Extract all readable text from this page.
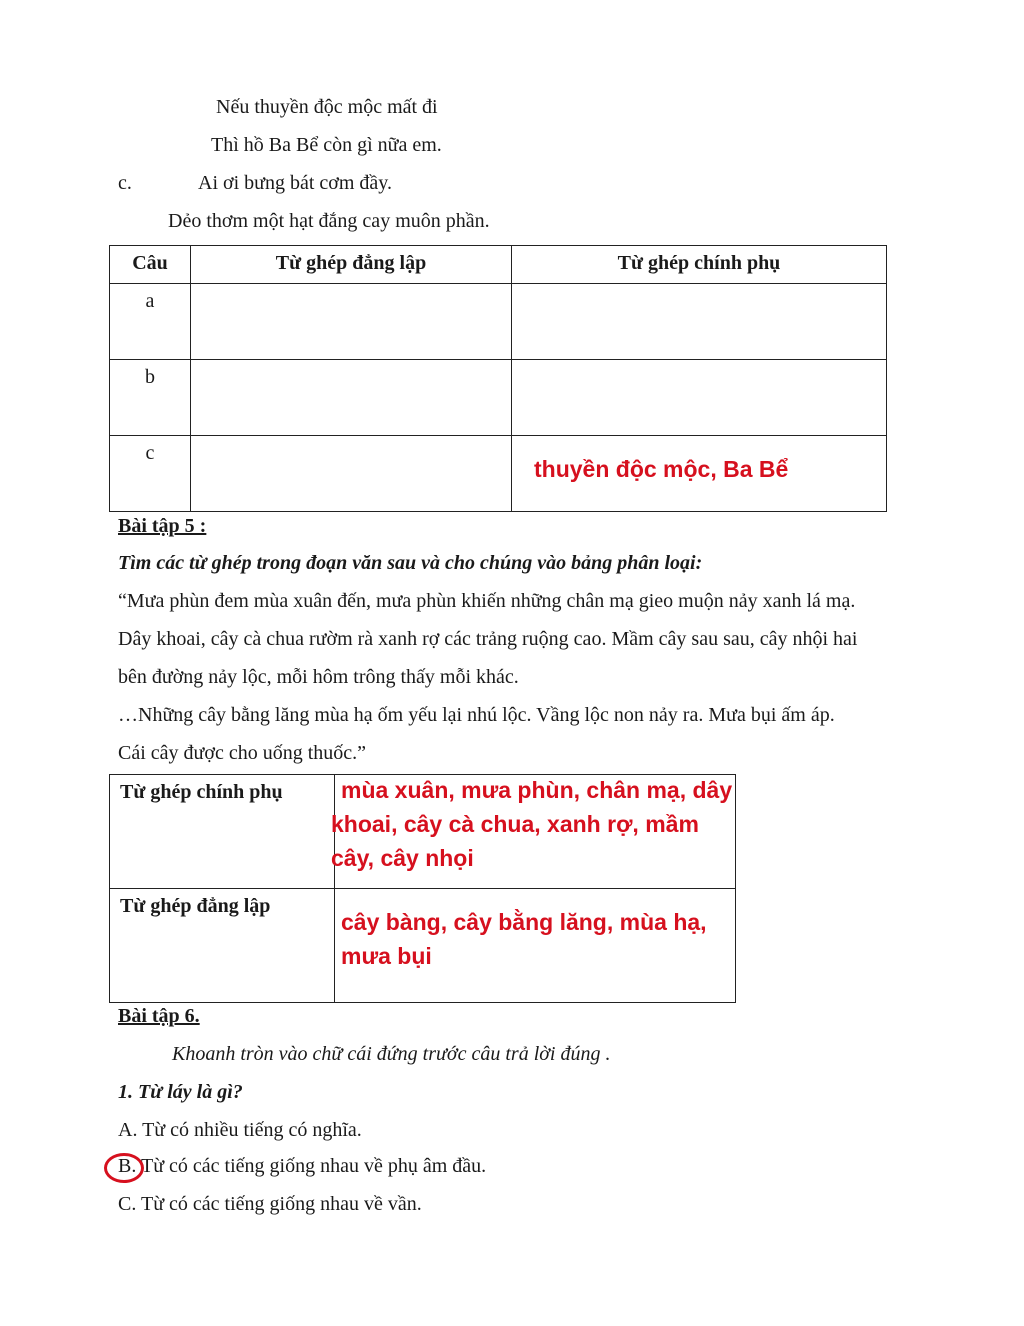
Nếu thuyền độc mộc mất đi
Thì hồ Ba Bể còn gì nữa em.
c.	Ai ơi bưng bát cơm đầy.
Dẻo thơm một hạt đắng cay muôn phần.
Câu	Từ ghép đẳng lập	Từ ghép chính phụ
a		
b		
c		thuyền độc mộc, Ba Bể
Bài tập 5 :
Tìm các từ ghép trong đoạn văn sau và cho chúng vào bảng phân loại:
“Mưa phùn đem mùa xuân đến, mưa phùn khiến những chân mạ gieo muộn nảy xanh lá mạ.
Dây khoai, cây cà chua rườm rà xanh rợ các trảng ruộng cao. Mầm cây sau sau, cây nhội hai
bên đường nảy lộc, mỗi hôm trông thấy mỗi khác.
…Những cây bằng lăng mùa hạ ốm yếu lại nhú lộc. Vầng lộc non nảy ra. Mưa bụi ấm áp.
Cái cây được cho uống thuốc.”
Từ ghép chính phụ	mùa xuân, mưa phùn, chân mạ, dây
khoai, cây cà chua, xanh rợ, mầm
cây, cây nhọi

Từ ghép đẳng lập	cây bàng, cây bằng lăng, mùa hạ,
mưa bụi
Bài tập 6.
Khoanh tròn vào chữ cái đứng trước câu trả lời đúng .
1. Từ láy là gì?
A. Từ có nhiều tiếng có nghĩa.
B. Từ có các tiếng giống nhau về phụ âm đầu.
C. Từ có các tiếng giống nhau về vần.
